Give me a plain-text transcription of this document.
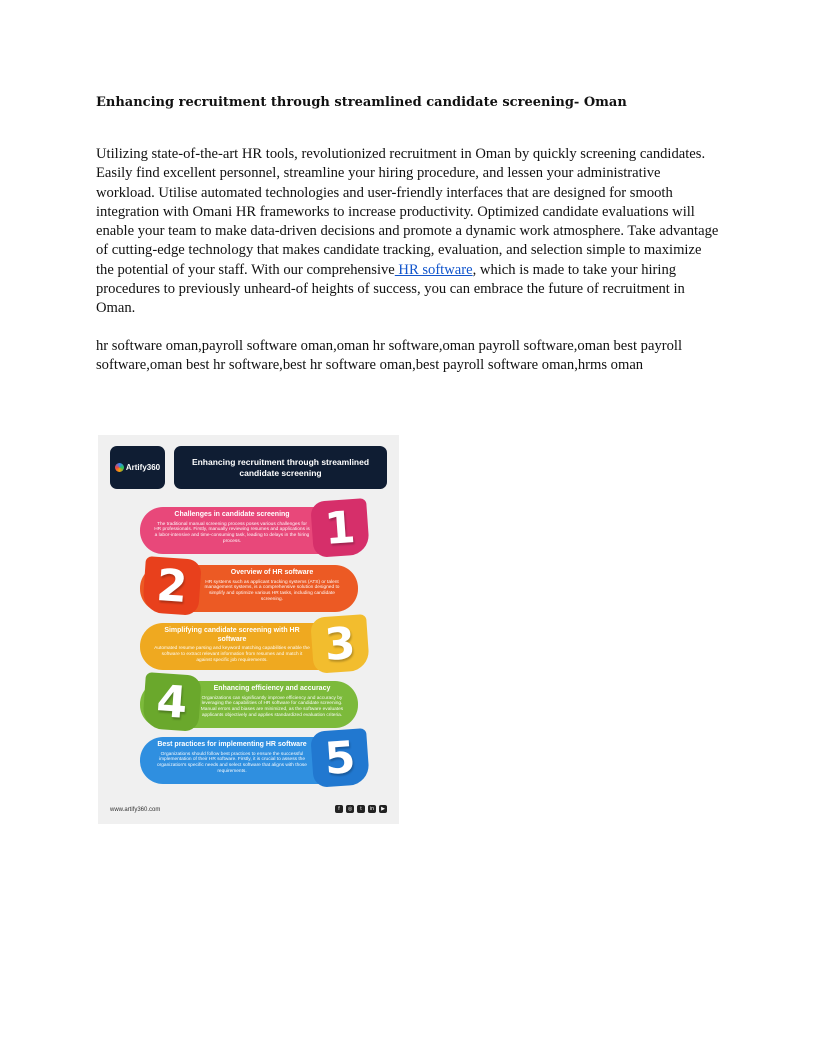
Enhancing recruitment through streamlined candidate screening- Oman
Utilizing state-of-the-art HR tools, revolutionized recruitment in Oman by quickly screening candidates. Easily find excellent personnel, streamline your hiring procedure, and lessen your administrative workload. Utilise automated technologies and user-friendly interfaces that are designed for smooth integration with Omani HR frameworks to increase productivity. Optimized candidate evaluations will enable your team to make data-driven decisions and promote a dynamic work atmosphere. Take advantage of cutting-edge technology that makes candidate tracking, evaluation, and selection simple to maximize the potential of your staff. With our comprehensive HR software, which is made to take your hiring procedures to previously unheard-of heights of success, you can embrace the future of recruitment in Oman.
hr software oman,payroll software oman,oman hr software,oman payroll software,oman best payroll software,oman best hr software,best hr software oman,best payroll software oman,hrms oman
Artify360
Enhancing recruitment through streamlined candidate screening
Challenges in candidate screening
The traditional manual screening process poses various challenges for HR professionals. Firstly, manually reviewing resumes and applications is a labor-intensive and time-consuming task, leading to delays in the hiring process.	1
Overview of HR software
HR systems such as applicant tracking systems (ATS) or talent management systems, is a comprehensive solution designed to simplify and optimize various HR tasks, including candidate screening.
2
Simplifying candidate screening with HR software
Automated resume parsing and keyword matching capabilities enable the software to extract relevant information from resumes and match it against specific job requirements.	3
Enhancing efficiency and accuracy
Organizations can significantly improve efficiency and accuracy by leveraging the capabilities of HR software for candidate screening. Manual errors and biases are minimized, as the software evaluates applicants objectively and applies standardized evaluation criteria.
4
Best practices for implementing HR software
Organizations should follow best practices to ensure the successful implementation of their HR software. Firstly, it is crucial to assess the organization's specific needs and select software that aligns with those requirements.	5
www.artify360.com	f	◎	t	in	▶
